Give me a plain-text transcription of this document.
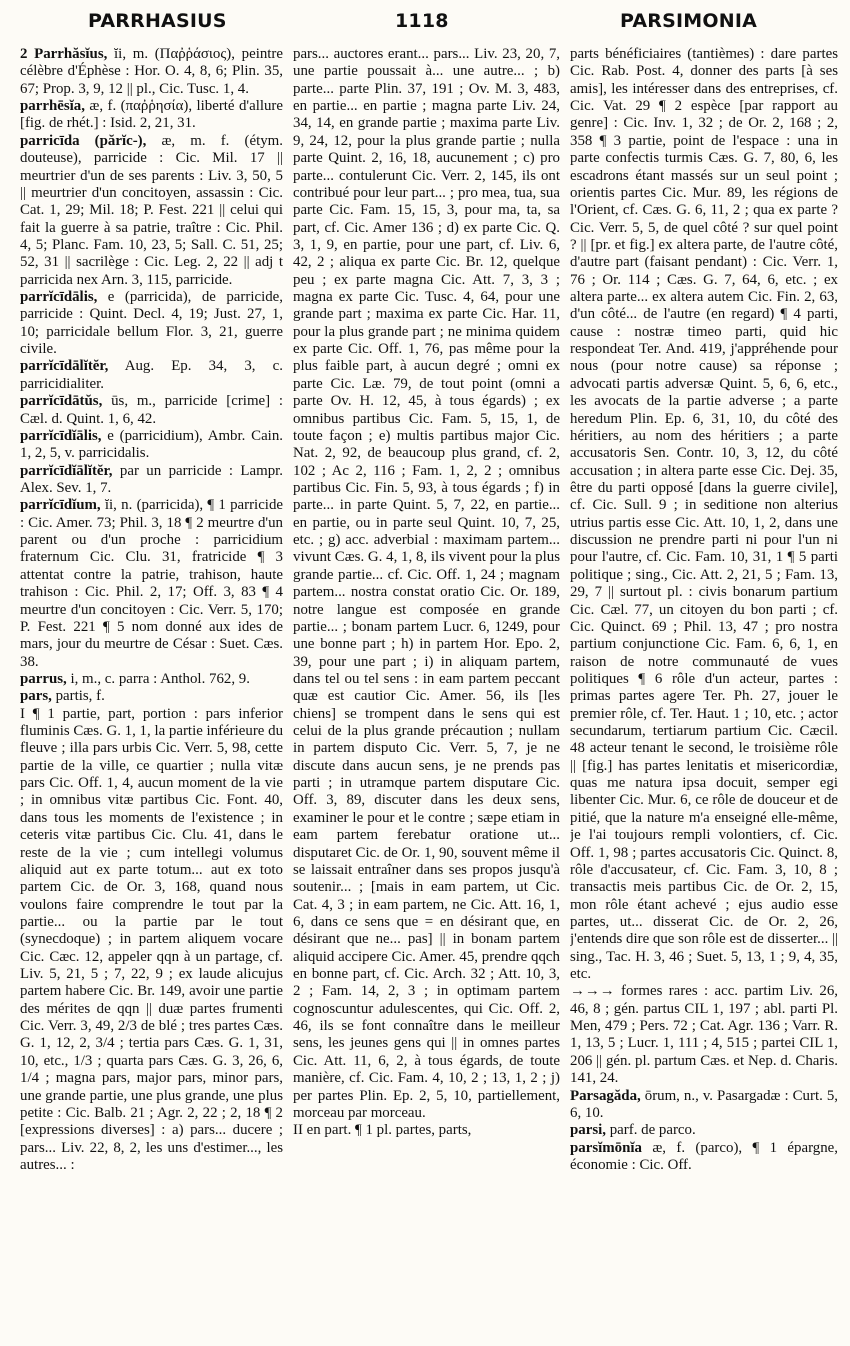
PARRHASIUS	1118	PARSIMONIA

2 Parrhăsĭus, ĭi, m. (Παῤῥάσιος), peintre célèbre d'Éphèse : Hor. O. 4, 8, 6; Plin. 35, 67; Prop. 3, 9, 12 || pl., Cic. Tusc. 1, 4.

parrhēsĭa, æ, f. (παῤῥησία), liberté d'allure [fig. de rhét.] : Isid. 2, 21, 31.

parricīda (părĭc-), æ, m. f. (étym. douteuse), parricide : Cic. Mil. 17 || meurtrier d'un de ses parents : Liv. 3, 50, 5 || meurtrier d'un concitoyen, assassin : Cic. Cat. 1, 29; Mil. 18; P. Fest. 221 || celui qui fait la guerre à sa patrie, traître : Cic. Phil. 4, 5; Planc. Fam. 10, 23, 5; Sall. C. 51, 25; 52, 31 || sacrilège : Cic. Leg. 2, 22 || adj t parricida nex Arn. 3, 115, parricide.

parrĭcīdālis, e (parricida), de parricide, parricide : Quint. Decl. 4, 19; Just. 27, 1, 10; parricidale bellum Flor. 3, 21, guerre civile.

parrĭcīdālĭtĕr, Aug. Ep. 34, 3, c. parricidialiter.

parrĭcīdātŭs, ūs, m., parricide [crime] : Cæl. d. Quint. 1, 6, 42.

parrĭcīdĭālis, e (parricidium), Ambr. Cain. 1, 2, 5, v. parricidalis.

parrĭcīdĭālĭtĕr, par un parricide : Lampr. Alex. Sev. 1, 7.

parrĭcīdĭum, ĭi, n. (parricida), ¶ 1 parricide : Cic. Amer. 73; Phil. 3, 18 ¶ 2 meurtre d'un parent ou d'un proche : parricidium fraternum Cic. Clu. 31, fratricide ¶ 3 attentat contre la patrie, trahison, haute trahison : Cic. Phil. 2, 17; Off. 3, 83 ¶ 4 meurtre d'un concitoyen : Cic. Verr. 5, 170; P. Fest. 221 ¶ 5 nom donné aux ides de mars, jour du meurtre de César : Suet. Cæs. 38.

parrus, i, m., c. parra : Anthol. 762, 9.

pars, partis, f.

I ¶ 1 partie, part, portion : pars inferior fluminis Cæs. G. 1, 1, la partie inférieure du fleuve ; illa pars urbis Cic. Verr. 5, 98, cette partie de la ville, ce quartier ; nulla vitæ pars Cic. Off. 1, 4, aucun moment de la vie ; in omnibus vitæ partibus Cic. Font. 40, dans tous les moments de l'existence ; in ceteris vitæ partibus Cic. Clu. 41, dans le reste de la vie ; cum intellegi volumus aliquid aut ex parte totum... aut ex toto partem Cic. de Or. 3, 168, quand nous voulons faire comprendre le tout par la partie... ou la partie par le tout (synecdoque) ; in partem aliquem vocare Cic. Cæc. 12, appeler qqn à un partage, cf. Liv. 5, 21, 5 ; 7, 22, 9 ; ex laude alicujus partem habere Cic. Br. 149, avoir une partie des mérites de qqn || duæ partes frumenti Cic. Verr. 3, 49, 2/3 de blé ; tres partes Cæs. G. 1, 12, 2, 3/4 ; tertia pars Cæs. G. 1, 31, 10, etc., 1/3 ; quarta pars Cæs. G. 3, 26, 6, 1/4 ; magna pars, major pars, minor pars, une grande partie, une plus grande, une plus petite : Cic. Balb. 21 ; Agr. 2, 22 ; 2, 18 ¶ 2 [expressions diverses] : a) pars... ducere ; pars... Liv. 22, 8, 2, les uns d'estimer..., les autres... :

pars... auctores erant... pars... Liv. 23, 20, 7, une partie poussait à... une autre... ; b) parte... parte Plin. 37, 191 ; Ov. M. 3, 483, en partie... en partie ; magna parte Liv. 24, 34, 14, en grande partie ; maxima parte Liv. 9, 24, 12, pour la plus grande partie ; nulla parte Quint. 2, 16, 18, aucunement ; c) pro parte... contulerunt Cic. Verr. 2, 145, ils ont contribué pour leur part... ; pro mea, tua, sua parte Cic. Fam. 15, 15, 3, pour ma, ta, sa part, cf. Cic. Amer 136 ; d) ex parte Cic. Q. 3, 1, 9, en partie, pour une part, cf. Liv. 6, 42, 2 ; aliqua ex parte Cic. Br. 12, quelque peu ; ex parte magna Cic. Att. 7, 3, 3 ; magna ex parte Cic. Tusc. 4, 64, pour une grande part ; maxima ex parte Cic. Har. 11, pour la plus grande part ; ne minima quidem ex parte Cic. Off. 1, 76, pas même pour la plus faible part, à aucun degré ; omni ex parte Cic. Læ. 79, de tout point (omni a parte Ov. H. 12, 45, à tous égards) ; ex omnibus partibus Cic. Fam. 5, 15, 1, de toute façon ; e) multis partibus major Cic. Nat. 2, 92, de beaucoup plus grand, cf. 2, 102 ; Ac 2, 116 ; Fam. 1, 2, 2 ; omnibus partibus Cic. Fin. 5, 93, à tous égards ; f) in parte... in parte Quint. 5, 7, 22, en partie... en partie, ou in parte seul Quint. 10, 7, 25, etc. ; g) acc. adverbial : maximam partem... vivunt Cæs. G. 4, 1, 8, ils vivent pour la plus grande partie... cf. Cic. Off. 1, 24 ; magnam partem... nostra constat oratio Cic. Or. 189, notre langue est composée en grande partie... ; bonam partem Lucr. 6, 1249, pour une bonne part ; h) in partem Hor. Epo. 2, 39, pour une part ; i) in aliquam partem, dans tel ou tel sens : in eam partem peccant quæ est cautior Cic. Amer. 56, ils [les chiens] se trompent dans le sens qui est celui de la plus grande précaution ; nullam in partem disputo Cic. Verr. 5, 7, je ne discute dans aucun sens, je ne prends pas parti ; in utramque partem disputare Cic. Off. 3, 89, discuter dans les deux sens, examiner le pour et le contre ; sæpe etiam in eam partem ferebatur oratione ut... disputaret Cic. de Or. 1, 90, souvent même il se laissait entraîner dans ses propos jusqu'à soutenir... ; [mais in eam partem, ut Cic. Cat. 4, 3 ; in eam partem, ne Cic. Att. 16, 1, 6, dans ce sens que = en désirant que, en désirant que ne... pas] || in bonam partem aliquid accipere Cic. Amer. 45, prendre qqch en bonne part, cf. Cic. Arch. 32 ; Att. 10, 3, 2 ; Fam. 14, 2, 3 ; in optimam partem cognoscuntur adulescentes, qui Cic. Off. 2, 46, ils se font connaître dans le meilleur sens, les jeunes gens qui || in omnes partes Cic. Att. 11, 6, 2, à tous égards, de toute manière, cf. Cic. Fam. 4, 10, 2 ; 13, 1, 2 ; j) per partes Plin. Ep. 2, 5, 10, partiellement, morceau par morceau.

II en part. ¶ 1 pl. partes, parts,

parts bénéficiaires (tantièmes) : dare partes Cic. Rab. Post. 4, donner des parts [à ses amis], les intéresser dans des entreprises, cf. Cic. Vat. 29 ¶ 2 espèce [par rapport au genre] : Cic. Inv. 1, 32 ; de Or. 2, 168 ; 2, 358 ¶ 3 partie, point de l'espace : una in parte confectis turmis Cæs. G. 7, 80, 6, les escadrons étant massés sur un seul point ; orientis partes Cic. Mur. 89, les régions de l'Orient, cf. Cæs. G. 6, 11, 2 ; qua ex parte ? Cic. Verr. 5, 5, de quel côté ? sur quel point ? || [pr. et fig.] ex altera parte, de l'autre côté, d'autre part (faisant pendant) : Cic. Verr. 1, 76 ; Or. 114 ; Cæs. G. 7, 64, 6, etc. ; ex altera parte... ex altera autem Cic. Fin. 2, 63, d'un côté... de l'autre (en regard) ¶ 4 parti, cause : nostræ timeo parti, quid hic respondeat Ter. And. 419, j'appréhende pour nous (pour notre cause) sa réponse ; advocati partis adversæ Quint. 5, 6, 6, etc., les avocats de la partie adverse ; a parte heredum Plin. Ep. 6, 31, 10, du côté des héritiers, au nom des héritiers ; a parte accusatoris Sen. Contr. 10, 3, 12, du côté accusation ; in altera parte esse Cic. Dej. 35, être du parti opposé [dans la guerre civile], cf. Cic. Sull. 9 ; in seditione non alterius utrius partis esse Cic. Att. 10, 1, 2, dans une discussion ne prendre parti ni pour l'un ni pour l'autre, cf. Cic. Fam. 10, 31, 1 ¶ 5 parti politique ; sing., Cic. Att. 2, 21, 5 ; Fam. 13, 29, 7 || surtout pl. : civis bonarum partium Cic. Cæl. 77, un citoyen du bon parti ; cf. Cic. Quinct. 69 ; Phil. 13, 47 ; pro nostra partium conjunctione Cic. Fam. 6, 6, 1, en raison de notre communauté de vues politiques ¶ 6 rôle d'un acteur, partes : primas partes agere Ter. Ph. 27, jouer le premier rôle, cf. Ter. Haut. 1 ; 10, etc. ; actor secundarum, tertiarum partium Cic. Cæcil. 48 acteur tenant le second, le troisième rôle || [fig.] has partes lenitatis et misericordiæ, quas me natura ipsa docuit, semper egi libenter Cic. Mur. 6, ce rôle de douceur et de pitié, que la nature m'a enseigné elle-même, je l'ai toujours rempli volontiers, cf. Cic. Off. 1, 98 ; partes accusatoris Cic. Quinct. 8, rôle d'accusateur, cf. Cic. Fam. 3, 10, 8 ; transactis meis partibus Cic. de Or. 2, 15, mon rôle étant achevé ; ejus audio esse partes, ut... disserat Cic. de Or. 2, 26, j'entends dire que son rôle est de disserter... || sing., Tac. H. 3, 46 ; Suet. 5, 13, 1 ; 9, 4, 35, etc.

→→→ formes rares : acc. partim Liv. 26, 46, 8 ; gén. partus CIL 1, 197 ; abl. parti Pl. Men, 479 ; Pers. 72 ; Cat. Agr. 136 ; Varr. R. 1, 13, 5 ; Lucr. 1, 111 ; 4, 515 ; partei CIL 1, 206 || gén. pl. partum Cæs. et Nep. d. Charis. 141, 24.

Parsagăda, ōrum, n., v. Pasargadæ : Curt. 5, 6, 10.

parsi, parf. de parco.

parsĭmōnĭa æ, f. (parco), ¶ 1 épargne, économie : Cic. Off.
